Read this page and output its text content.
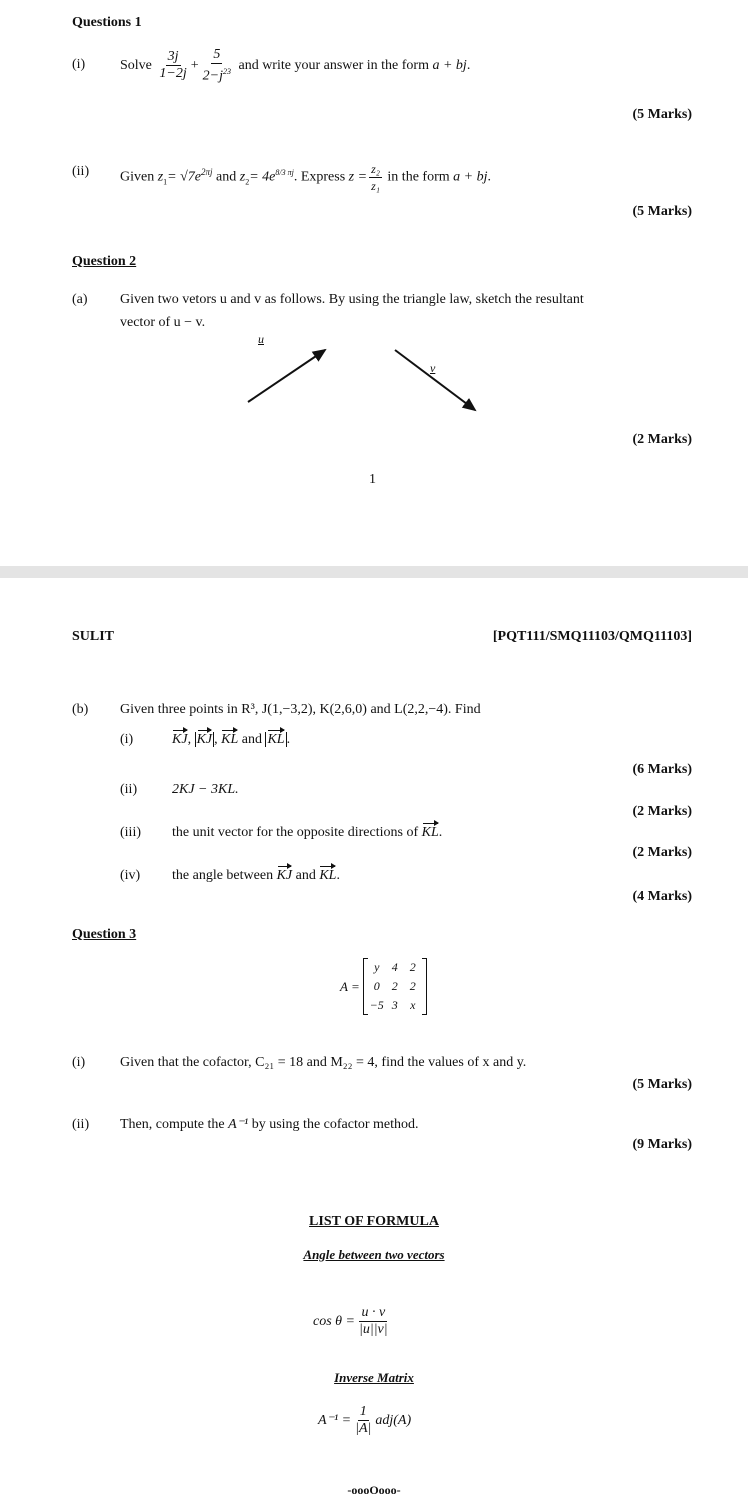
Questions 1
(i) Solve $\frac{3j}{1-2j} + \frac{5}{2-j^{23}}$ and write your answer in the form a + bj.
(5 Marks)
(ii) Given $z_1= √7e^{2\pi j}$ and $z_2= 4e^{8/3 \pi j}$. Express $z = \frac{\text{z₂}}{\text{z₁}}$ in the form a + bj.
(5 Marks)
Question 2
(a) Given two vetors u and v as follows. By using the triangle law, sketch the resultant
vector of u − v.
u
v
(2 Marks)
1
SULIT	[PQT111/SMQ11103/QMQ11103]
(b) Given three points in R³, J(1,−3,2), K(2,6,0) and L(2,2,−4). Find
(i)	KJ, KJ , KL and KL .
(6 Marks)
(ii) 2KJ − 3KL.
(2 Marks)
(iii) the unit vector for the opposite directions of KL.
(2 Marks)
(iv) the angle between KJ and KL.
(4 Marks)
Question 3
A =
y	4	2
0	2	2
−5 3	x
(i) Given that the cofactor, C₂₁ = 18 and M₂₂ = 4, find the values of x and y.
(5 Marks)
(ii) Then, compute the A⁻¹ by using the cofactor method.
(9 Marks)
LIST OF FORMULA
Angle between two vectors
$\cos \theta = \frac{u \cdot v}{|u||v|}$
Inverse Matrix
$A^{-1} = \frac{1}{|A|} adj(A)$
-oooOooo-
